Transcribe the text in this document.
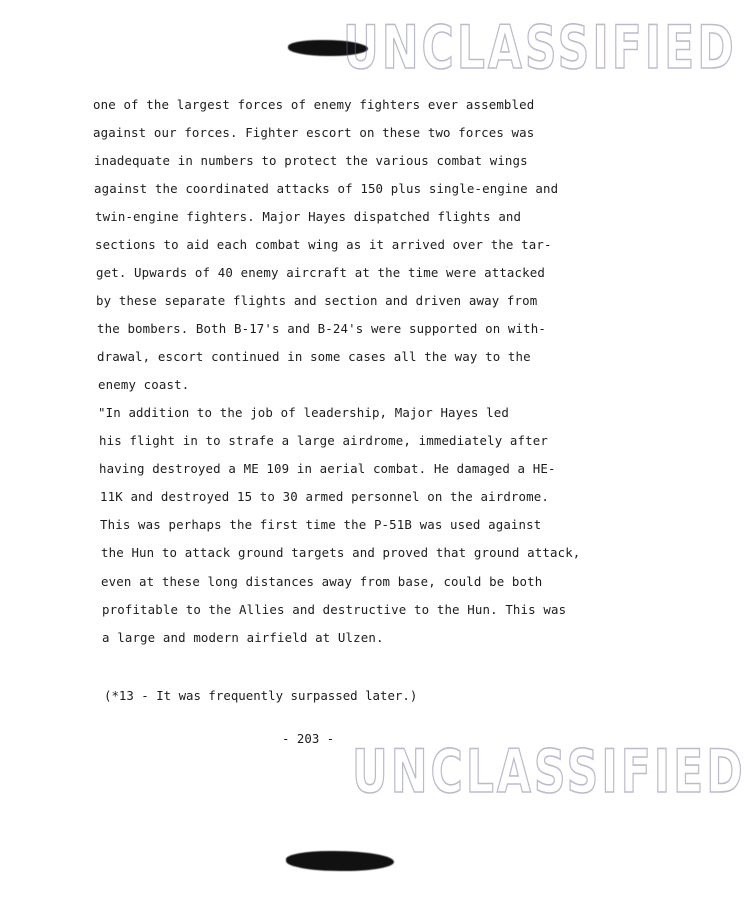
UNCLASSIFIED
one of the largest forces of enemy fighters ever assembled
against our forces. Fighter escort on these two forces was
inadequate in numbers to protect the various combat wings
against the coordinated attacks of 150 plus single-engine and
twin-engine fighters. Major Hayes dispatched flights and
sections to aid each combat wing as it arrived over the tar-
get. Upwards of 40 enemy aircraft at the time were attacked
by these separate flights and section and driven away from
the bombers. Both B-17's and B-24's were supported on with-
drawal, escort continued in some cases all the way to the
enemy coast.
"In addition to the job of leadership, Major Hayes led
his flight in to strafe a large airdrome, immediately after
having destroyed a ME 109 in aerial combat. He damaged a HE-
11K and destroyed 15 to 30 armed personnel on the airdrome.
This was perhaps the first time the P-51B was used against
the Hun to attack ground targets and proved that ground attack,
even at these long distances away from base, could be both
profitable to the Allies and destructive to the Hun. This was
a large and modern airfield at Ulzen.
(*13 - It was frequently surpassed later.)
- 203 - UNCLASSIFIED
